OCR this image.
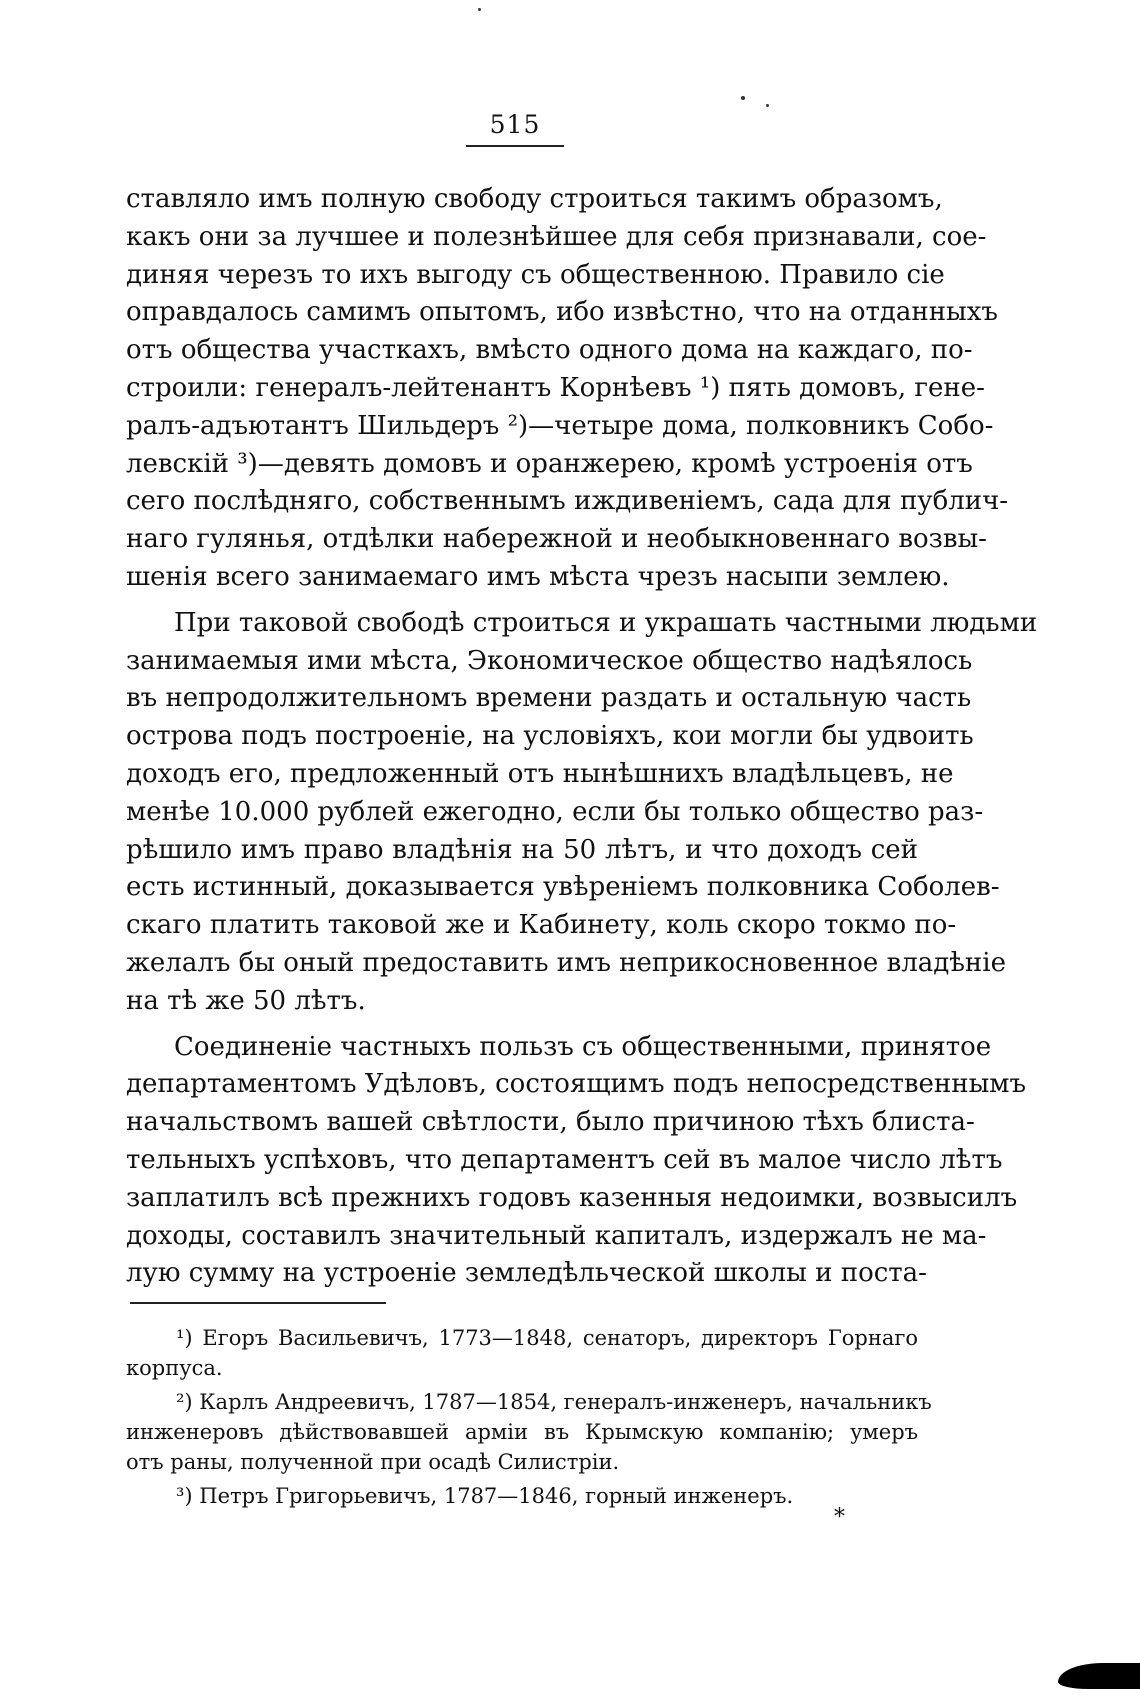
515
ставляло имъ полную свободу строиться такимъ образомъ,
какъ они за лучшее и полезнѣйшее для себя признавали, сое-
диняя черезъ то ихъ выгоду съ общественною. Правило сіе
оправдалось самимъ опытомъ, ибо извѣстно, что на отданныхъ
отъ общества участкахъ, вмѣсто одного дома на каждаго, по-
строили: генералъ-лейтенантъ Корнѣевъ ¹) пять домовъ, гене-
ралъ-адъютантъ Шильдеръ ²)—четыре дома, полковникъ Собо-
левскій ³)—девять домовъ и оранжерею, кромѣ устроенія отъ
сего послѣдняго, собственнымъ иждивеніемъ, сада для публич-
наго гулянья, отдѣлки набережной и необыкновеннаго возвы-
шенія всего занимаемаго имъ мѣста чрезъ насыпи землею.
При таковой свободѣ строиться и украшать частными людьми
занимаемыя ими мѣста, Экономическое общество надѣялось
въ непродолжительномъ времени раздать и остальную часть
острова подъ построеніе, на условіяхъ, кои могли бы удвоить
доходъ его, предложенный отъ нынѣшнихъ владѣльцевъ, не
менѣе 10.000 рублей ежегодно, если бы только общество раз-
рѣшило имъ право владѣнія на 50 лѣтъ, и что доходъ сей
есть истинный, доказывается увѣреніемъ полковника Соболев-
скаго платить таковой же и Кабинету, коль скоро токмо по-
желалъ бы оный предоставить имъ неприкосновенное владѣніе
на тѣ же 50 лѣтъ.
Соединеніе частныхъ пользъ съ общественными, принятое
департаментомъ Удѣловъ, состоящимъ подъ непосредственнымъ
начальствомъ вашей свѣтлости, было причиною тѣхъ блиста-
тельныхъ успѣховъ, что департаментъ сей въ малое число лѣтъ
заплатилъ всѣ прежнихъ годовъ казенныя недоимки, возвысилъ
доходы, составилъ значительный капиталъ, издержалъ не ма-
лую сумму на устроеніе земледѣльческой школы и поста-
¹) Егоръ Васильевичъ, 1773—1848, сенаторъ, директоръ Горнаго
корпуса.
²) Карлъ Андреевичъ, 1787—1854, генералъ-инженеръ, начальникъ
инженеровъ дѣйствовавшей арміи въ Крымскую компанію; умеръ
отъ раны, полученной при осадѣ Силистріи.
³) Петръ Григорьевичъ, 1787—1846, горный инженеръ.
*
